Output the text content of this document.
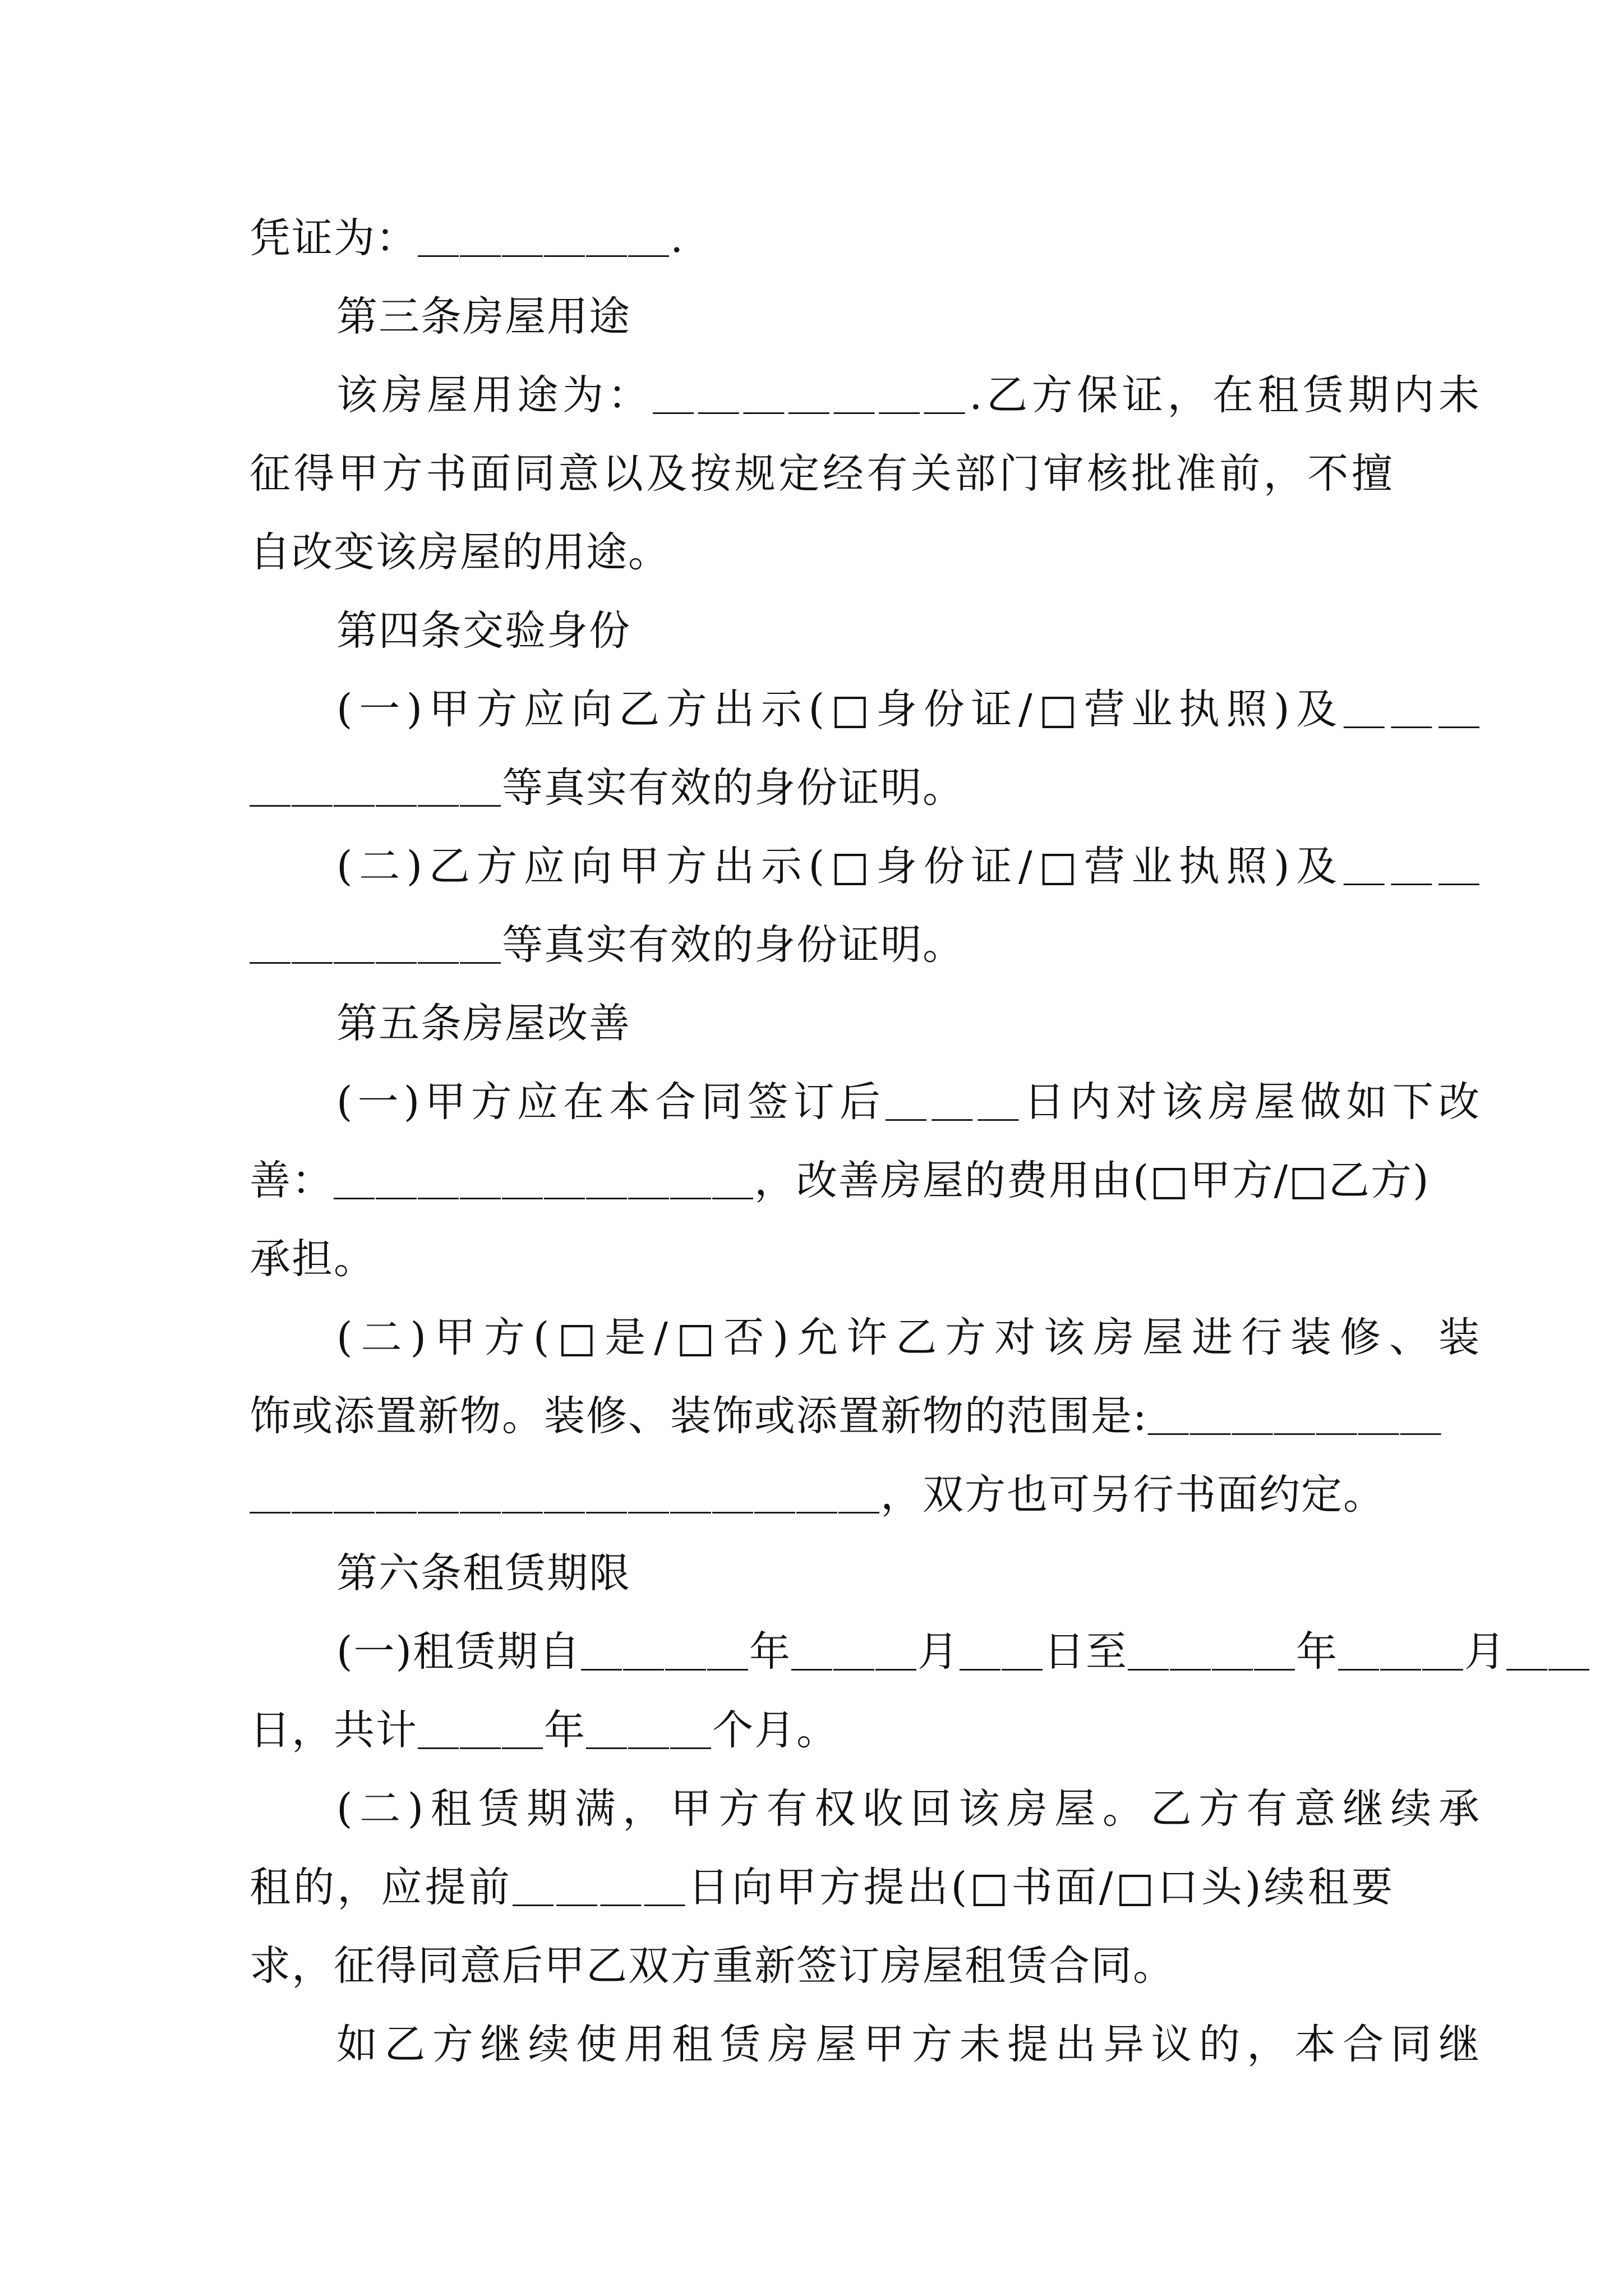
凭证为：＿＿＿＿＿＿.
第三条房屋用途
该房屋用途为：＿＿＿＿＿＿＿.乙方保证，在租赁期内未
征得甲方书面同意以及按规定经有关部门审核批准前，不擅
自改变该房屋的用途。
第四条交验身份
(一)甲方应向乙方出示(□身份证/□营业执照)及＿＿＿
＿＿＿＿＿＿等真实有效的身份证明。
(二)乙方应向甲方出示(□身份证/□营业执照)及＿＿＿
＿＿＿＿＿＿等真实有效的身份证明。
第五条房屋改善
(一)甲方应在本合同签订后＿＿＿日内对该房屋做如下改
善：＿＿＿＿＿＿＿＿＿＿，改善房屋的费用由(□甲方/□乙方)
承担。
(二)甲方(□是/□否)允许乙方对该房屋进行装修、装
饰或添置新物。装修、装饰或添置新物的范围是:＿＿＿＿＿＿＿
＿＿＿＿＿＿＿＿＿＿＿＿＿＿＿，双方也可另行书面约定。
第六条租赁期限
(一)租赁期自＿＿＿＿年＿＿＿月＿＿日至＿＿＿＿年＿＿＿月＿＿
日，共计＿＿＿年＿＿＿个月。
(二)租赁期满，甲方有权收回该房屋。乙方有意继续承
租的，应提前＿＿＿＿日向甲方提出(□书面/□口头)续租要
求，征得同意后甲乙双方重新签订房屋租赁合同。
如乙方继续使用租赁房屋甲方未提出异议的，本合同继
